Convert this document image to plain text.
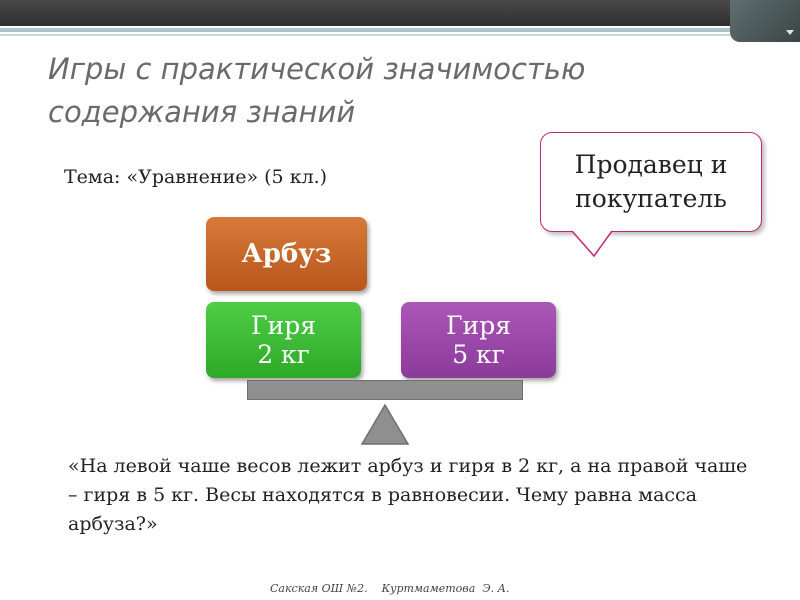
Игры с практической значимостью содержания знаний
Тема: «Уравнение» (5 кл.)	Продавец и покупатель
Арбуз
Гиря
2 кг
Гиря
5 кг

«На левой чаше весов лежит арбуз и гиря в 2 кг, а на правой чаше – гиря в 5 кг. Весы находятся в равновесии. Чему равна масса арбуза?»

Сакская ОШ №2.    Куртмаметова  Э. А.
